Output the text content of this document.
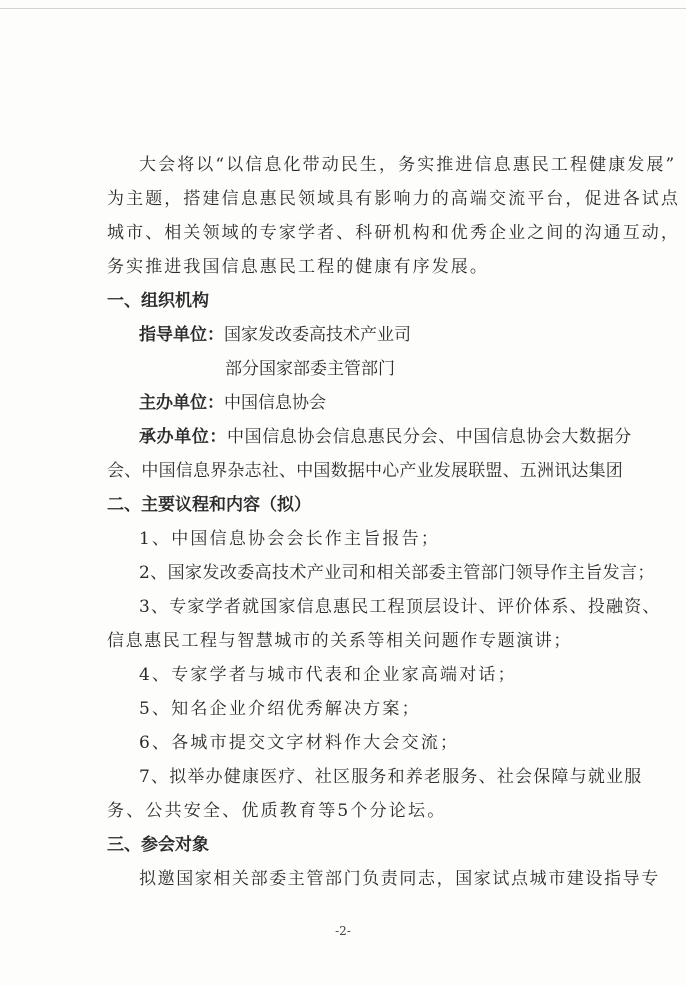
大会将以“以信息化带动民生，务实推进信息惠民工程健康发展”

为主题，搭建信息惠民领域具有影响力的高端交流平台，促进各试点

城市、相关领域的专家学者、科研机构和优秀企业之间的沟通互动，

务实推进我国信息惠民工程的健康有序发展。

一、组织机构

指导单位：国家发改委高技术产业司

部分国家部委主管部门

主办单位：中国信息协会

承办单位：中国信息协会信息惠民分会、中国信息协会大数据分

会、中国信息界杂志社、中国数据中心产业发展联盟、五洲讯达集团

二、主要议程和内容（拟）

1、中国信息协会会长作主旨报告；

2、国家发改委高技术产业司和相关部委主管部门领导作主旨发言；

3、专家学者就国家信息惠民工程顶层设计、评价体系、投融资、

信息惠民工程与智慧城市的关系等相关问题作专题演讲；

4、专家学者与城市代表和企业家高端对话；

5、知名企业介绍优秀解决方案；

6、各城市提交文字材料作大会交流；

7、拟举办健康医疗、社区服务和养老服务、社会保障与就业服

务、公共安全、优质教育等5个分论坛。

三、参会对象

拟邀国家相关部委主管部门负责同志，国家试点城市建设指导专

-2-
